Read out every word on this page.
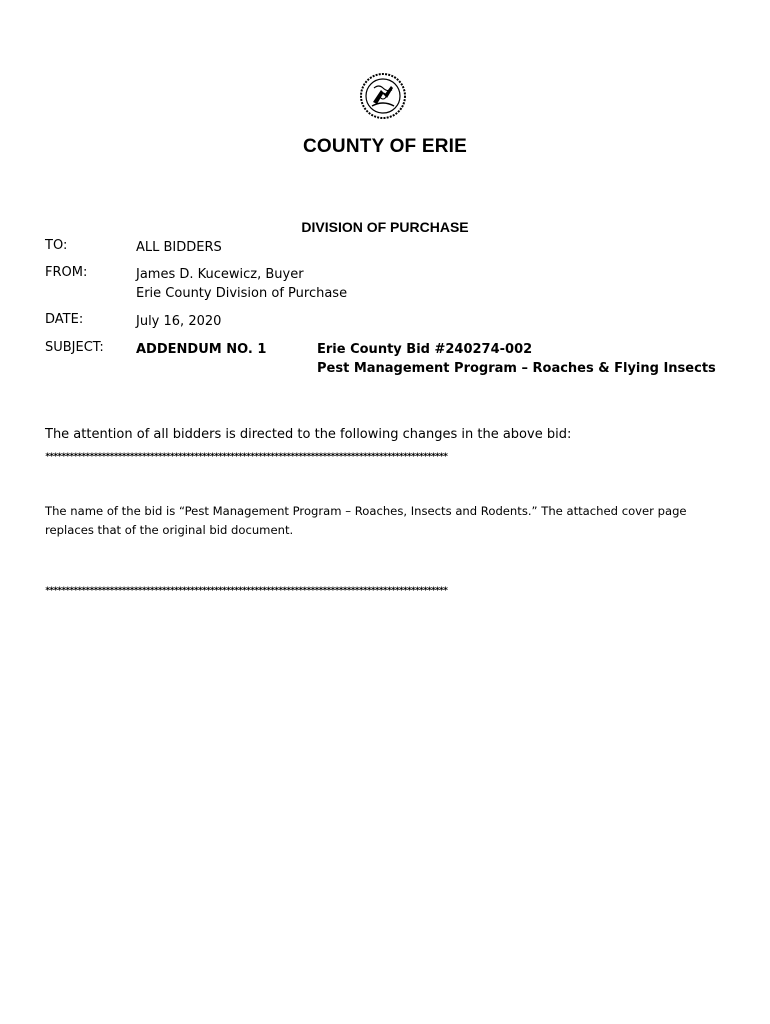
COUNTY OF ERIE
DIVISION OF PURCHASE
TO:	ALL BIDDERS
FROM:	James D. Kucewicz, Buyer
Erie County Division of Purchase
DATE:	July 16, 2020
SUBJECT: ADDENDUM NO. 1	Erie County Bid #240274-002
Pest Management Program – Roaches & Flying Insects
The attention of all bidders is directed to the following changes in the above bid:
****************************************************************************************************
The name of the bid is “Pest Management Program – Roaches, Insects and Rodents.” The attached cover page replaces that of the original bid document.
****************************************************************************************************
